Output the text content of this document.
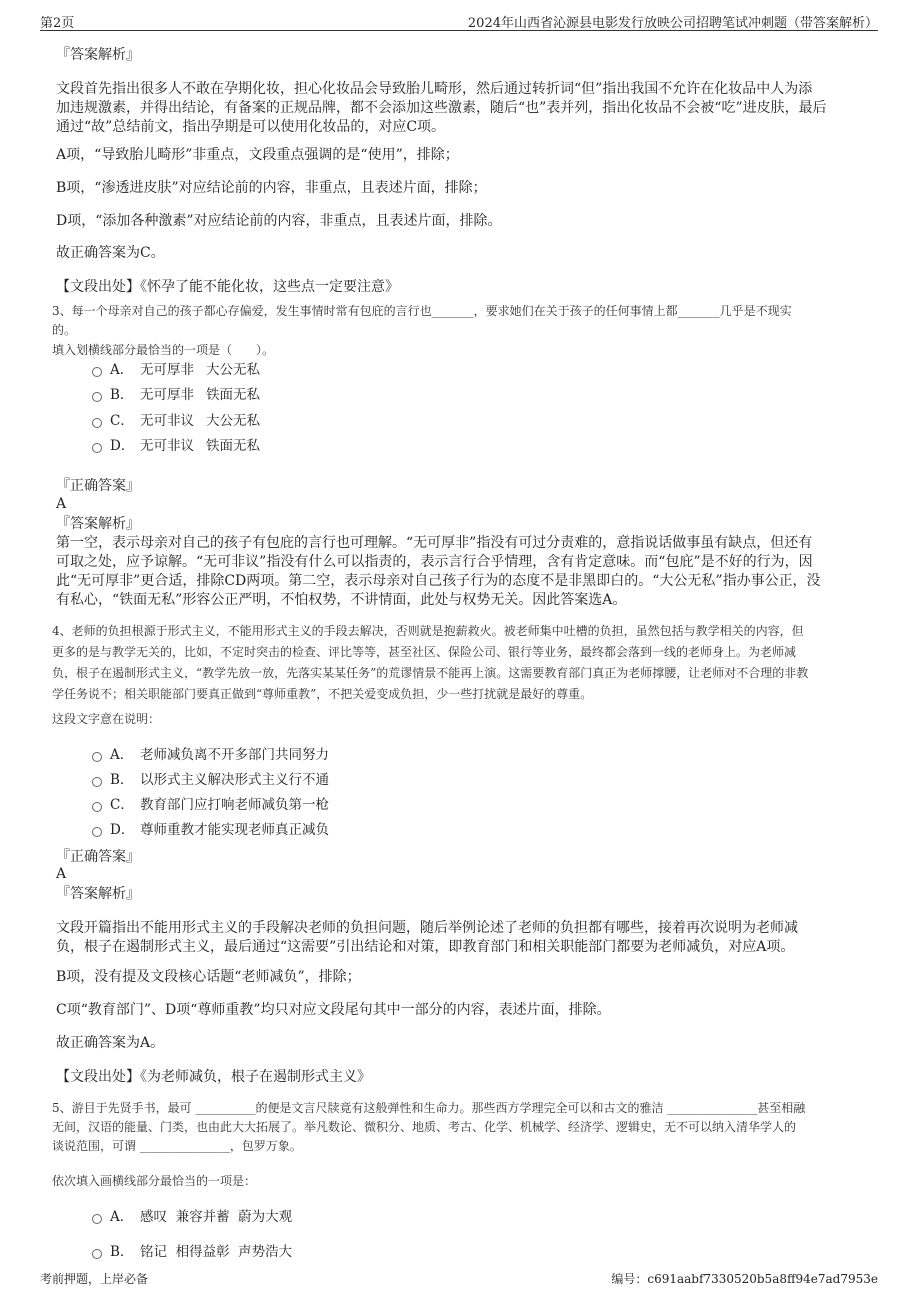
第2页	2024年山西省沁源县电影发行放映公司招聘笔试冲刺题（带答案解析）
『答案解析』
文段首先指出很多人不敢在孕期化妆，担心化妆品会导致胎儿畸形，然后通过转折词“但”指出我国不允许在化妆品中人为添
加违规激素，并得出结论，有备案的正规品牌，都不会添加这些激素，随后“也”表并列，指出化妆品不会被“吃”进皮肤，最后
通过“故”总结前文，指出孕期是可以使用化妆品的，对应C项。
A项，“导致胎儿畸形”非重点，文段重点强调的是“使用”，排除；
B项，“渗透进皮肤”对应结论前的内容，非重点，且表述片面，排除；
D项，“添加各种激素”对应结论前的内容，非重点，且表述片面，排除。
故正确答案为C。
【文段出处】《怀孕了能不能化妆，这些点一定要注意》
3、每一个母亲对自己的孩子都心存偏爱，发生事情时常有包庇的言行也_______，要求她们在关于孩子的任何事情上都_______几乎是不现实
的。
填入划横线部分最恰当的一项是（　　）。
A． 无可厚非 大公无私
B． 无可厚非 铁面无私
C． 无可非议 大公无私
D． 无可非议 铁面无私
『正确答案』
A
『答案解析』
第一空，表示母亲对自己的孩子有包庇的言行也可理解。“无可厚非”指没有可过分责难的，意指说话做事虽有缺点，但还有
可取之处，应予谅解。“无可非议”指没有什么可以指责的，表示言行合乎情理，含有肯定意味。而“包庇”是不好的行为，因
此“无可厚非”更合适，排除CD两项。第二空，表示母亲对自己孩子行为的态度不是非黑即白的。“大公无私”指办事公正，没
有私心，“铁面无私”形容公正严明，不怕权势，不讲情面，此处与权势无关。因此答案选A。
4、老师的负担根源于形式主义，不能用形式主义的手段去解决，否则就是抱薪救火。被老师集中吐槽的负担，虽然包括与教学相关的内容，但
更多的是与教学无关的，比如，不定时突击的检查、评比等等，甚至社区、保险公司、银行等业务，最终都会落到一线的老师身上。为老师减
负，根子在遏制形式主义，“教学先放一放，先落实某某任务”的荒谬情景不能再上演。这需要教育部门真正为老师撑腰，让老师对不合理的非教
学任务说不；相关职能部门要真正做到“尊师重教”，不把关爱变成负担，少一些打扰就是最好的尊重。
这段文字意在说明：
A． 老师减负离不开多部门共同努力
B． 以形式主义解决形式主义行不通
C． 教育部门应打响老师减负第一枪
D． 尊师重教才能实现老师真正减负
『正确答案』
A
『答案解析』
文段开篇指出不能用形式主义的手段解决老师的负担问题，随后举例论述了老师的负担都有哪些，接着再次说明为老师减
负，根子在遏制形式主义，最后通过“这需要”引出结论和对策，即教育部门和相关职能部门都要为老师减负，对应A项。
B项，没有提及文段核心话题“老师减负”，排除；
C项“教育部门”、D项“尊师重教”均只对应文段尾句其中一部分的内容，表述片面，排除。
故正确答案为A。
【文段出处】《为老师减负，根子在遏制形式主义》
5、游目于先贤手书，最可 __________的便是文言尺牍竟有这般弹性和生命力。那些西方学理完全可以和古文的雅洁 _______________甚至相融
无间，汉语的能量、门类，也由此大大拓展了。举凡数论、微积分、地质、考古、化学、机械学、经济学、逻辑史，无不可以纳入清华学人的
谈说范围，可谓 _______________，包罗万象。
依次填入画横线部分最恰当的一项是：
A． 感叹  兼容并蓄  蔚为大观
B． 铭记  相得益彰  声势浩大
考前押题，上岸必备	编号：c691aabf7330520b5a8ff94e7ad7953e
